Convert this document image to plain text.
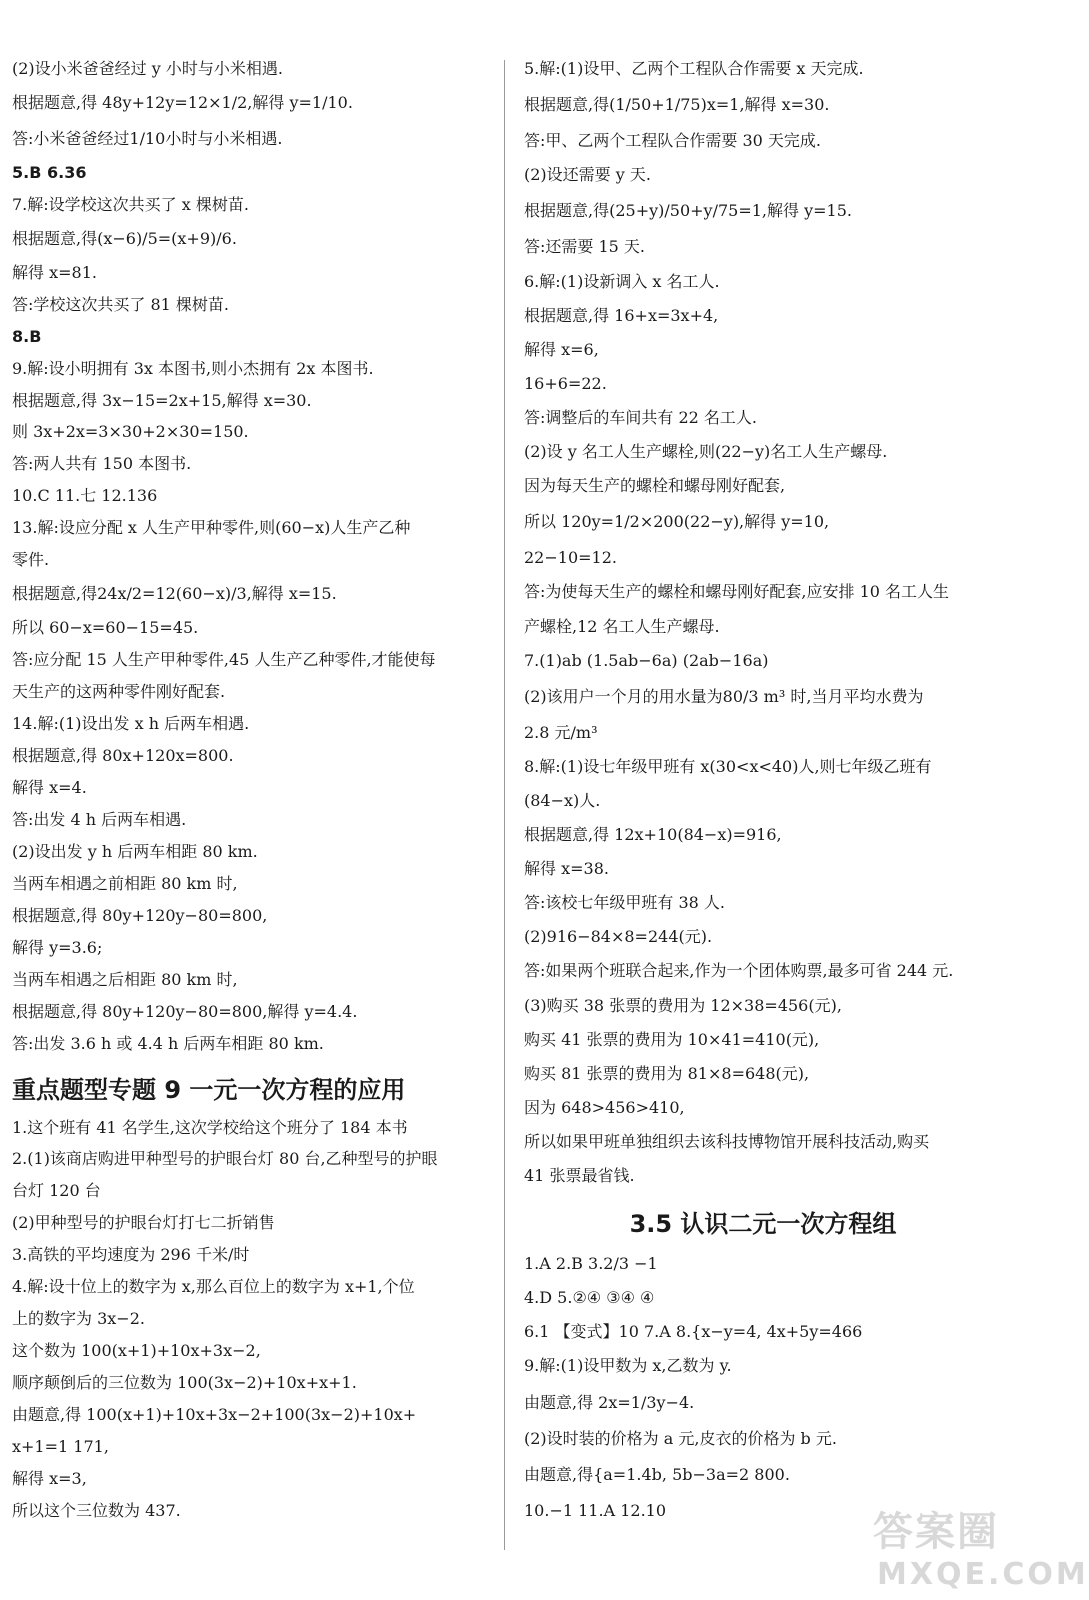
(2)设小米爸爸经过 y 小时与小米相遇.
根据题意,得 48y+12y=12×1/2,解得 y=1/10.
答:小米爸爸经过1/10小时与小米相遇.
5.B 6.36
7.解:设学校这次共买了 x 棵树苗.
根据题意,得(x−6)/5=(x+9)/6.
解得 x=81.
答:学校这次共买了 81 棵树苗.
8.B
9.解:设小明拥有 3x 本图书,则小杰拥有 2x 本图书.
根据题意,得 3x−15=2x+15,解得 x=30.
则 3x+2x=3×30+2×30=150.
答:两人共有 150 本图书.
10.C 11.七 12.136
13.解:设应分配 x 人生产甲种零件,则(60−x)人生产乙种
零件.
根据题意,得24x/2=12(60−x)/3,解得 x=15.
所以 60−x=60−15=45.
答:应分配 15 人生产甲种零件,45 人生产乙种零件,才能使每
天生产的这两种零件刚好配套.
14.解:(1)设出发 x h 后两车相遇.
根据题意,得 80x+120x=800.
解得 x=4.
答:出发 4 h 后两车相遇.
(2)设出发 y h 后两车相距 80 km.
当两车相遇之前相距 80 km 时,
根据题意,得 80y+120y−80=800,
解得 y=3.6;
当两车相遇之后相距 80 km 时,
根据题意,得 80y+120y−80=800,解得 y=4.4.
答:出发 3.6 h 或 4.4 h 后两车相距 80 km.
重点题型专题 9 一元一次方程的应用
1.这个班有 41 名学生,这次学校给这个班分了 184 本书
2.(1)该商店购进甲种型号的护眼台灯 80 台,乙种型号的护眼
台灯 120 台
(2)甲种型号的护眼台灯打七二折销售
3.高铁的平均速度为 296 千米/时
4.解:设十位上的数字为 x,那么百位上的数字为 x+1,个位
上的数字为 3x−2.
这个数为 100(x+1)+10x+3x−2,
顺序颠倒后的三位数为 100(3x−2)+10x+x+1.
由题意,得 100(x+1)+10x+3x−2+100(3x−2)+10x+
x+1=1 171,
解得 x=3,
所以这个三位数为 437.
5.解:(1)设甲、乙两个工程队合作需要 x 天完成.
根据题意,得(1/50+1/75)x=1,解得 x=30.
答:甲、乙两个工程队合作需要 30 天完成.
(2)设还需要 y 天.
根据题意,得(25+y)/50+y/75=1,解得 y=15.
答:还需要 15 天.
6.解:(1)设新调入 x 名工人.
根据题意,得 16+x=3x+4,
解得 x=6,
16+6=22.
答:调整后的车间共有 22 名工人.
(2)设 y 名工人生产螺栓,则(22−y)名工人生产螺母.
因为每天生产的螺栓和螺母刚好配套,
所以 120y=1/2×200(22−y),解得 y=10,
22−10=12.
答:为使每天生产的螺栓和螺母刚好配套,应安排 10 名工人生
产螺栓,12 名工人生产螺母.
7.(1)ab (1.5ab−6a) (2ab−16a)
(2)该用户一个月的用水量为80/3 m³ 时,当月平均水费为
2.8 元/m³
8.解:(1)设七年级甲班有 x(30<x<40)人,则七年级乙班有
(84−x)人.
根据题意,得 12x+10(84−x)=916,
解得 x=38.
答:该校七年级甲班有 38 人.
(2)916−84×8=244(元).
答:如果两个班联合起来,作为一个团体购票,最多可省 244 元.
(3)购买 38 张票的费用为 12×38=456(元),
购买 41 张票的费用为 10×41=410(元),
购买 81 张票的费用为 81×8=648(元),
因为 648>456>410,
所以如果甲班单独组织去该科技博物馆开展科技活动,购买
41 张票最省钱.
3.5 认识二元一次方程组
1.A 2.B 3.2/3 −1
4.D 5.②④ ③④ ④
6.1 【变式】10 7.A 8.{x−y=4, 4x+5y=466
9.解:(1)设甲数为 x,乙数为 y.
由题意,得 2x=1/3y−4.
(2)设时装的价格为 a 元,皮衣的价格为 b 元.
由题意,得{a=1.4b, 5b−3a=2 800.
10.−1 11.A 12.10	答案圈
MXQE.COM
